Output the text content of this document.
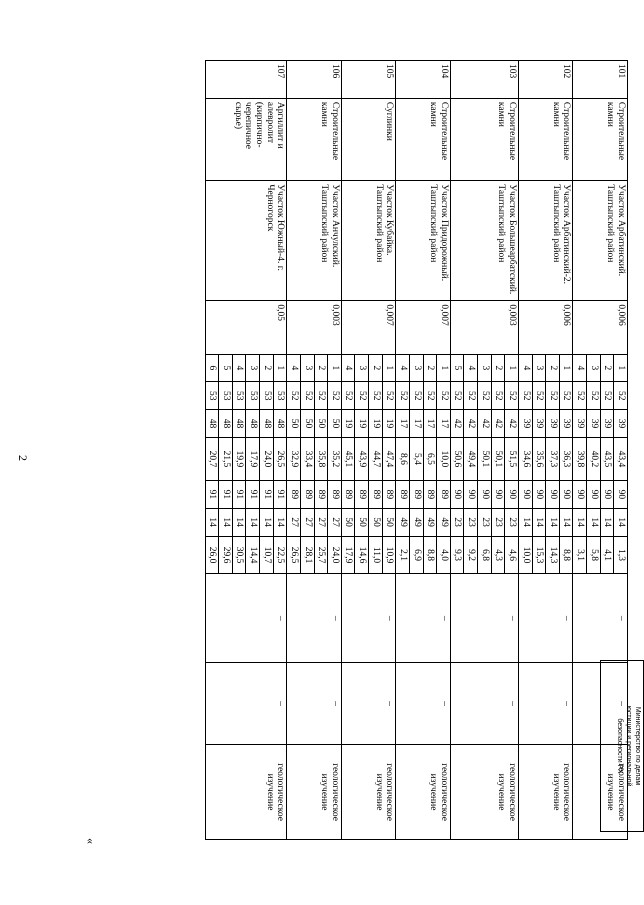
2
«
101	Строительные камни	Участок Арбатинский. Таштыпский район	0,006	1	52	39	43,4	90	14	1,3	–	–	геологическое изучение
				2	52	39	43,5	90	14	4,1			
				3	52	39	40,2	90	14	5,8			
				4	52	39	39,8	90	14	3,1			
102	Строительные камни	Участок Арбатинский-2. Таштыпский район	0,006	1	52	39	36,3	90	14	8,8	–	–	геологическое изучение
				2	52	39	37,3	90	14	14,3			
				3	52	39	35,6	90	14	15,3			
				4	52	39	34,6	90	14	10,0			
103	Строительные камни	Участок Большеарбатский. Таштыпский район	0,003	1	52	42	51,5	90	23	4,6	–	–	геологическое изучение
				2	52	42	50,1	90	23	4,3			
				3	52	42	50,1	90	23	6,8			
				4	52	42	49,4	90	23	9,2			
				5	52	42	50,6	90	23	9,3			
104	Строительные камни	Участок Придорожный. Таштыпский район	0,007	1	52	17	10,0	89	49	4,0	–	–	геологическое изучение
				2	52	17	6,5	89	49	8,8			
				3	52	17	5,4	89	49	6,9			
				4	52	17	8,6	89	49	2,1			
105	Суглинки	Участок Кубайка. Таштыпский район	0,007	1	52	19	47,4	89	50	10,9	–	–	геологическое изучение
				2	52	19	44,7	89	50	11,0			
				3	52	19	43,9	89	50	14,6			
				4	52	19	45,1	89	50	17,9			
106	Строительные камни	Участок Анчулский. Таштыпский район	0,003	1	52	50	35,2	89	27	24,0	–	–	геологическое изучение
				2	52	50	35,8	89	27	25,7			
				3	52	50	33,4	89	27	28,1			
				4	52	50	32,9	89	27	26,5			
107	Аргиллит и алевролит (кирпично-черепичное сырье)	Участок Южный-4. г. Черногорск	0,05	1	53	48	26,5	91	14	22,5	–	–	геологическое изучение
				2	53	48	24,0	91	14	10,7			
				3	53	48	17,9	91	14	14,4			
				4	53	48	19,9	91	14	30,5			
				5	53	48	21,5	91	14	29,6			
				6	53	48	20,7	91	14	26,0			
Министерство по делам
юстиции и региональной
безопасности РХ
